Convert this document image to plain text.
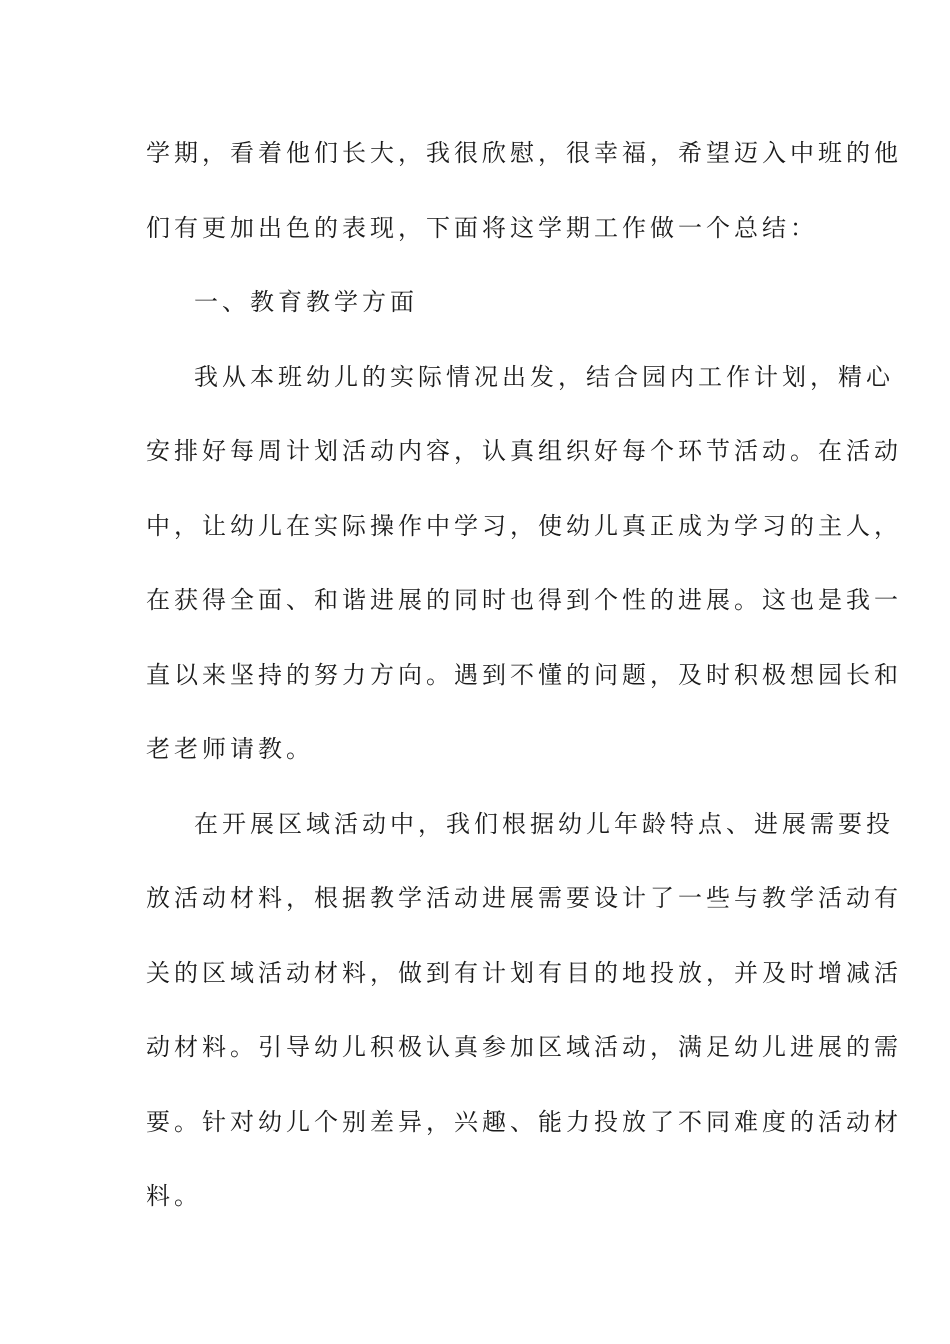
学期，看着他们长大，我很欣慰，很幸福，希望迈入中班的他
们有更加出色的表现，下面将这学期工作做一个总结：
一、教育教学方面
我从本班幼儿的实际情况出发，结合园内工作计划，精心
安排好每周计划活动内容，认真组织好每个环节活动。在活动
中，让幼儿在实际操作中学习，使幼儿真正成为学习的主人，
在获得全面、和谐进展的同时也得到个性的进展。这也是我一
直以来坚持的努力方向。遇到不懂的问题，及时积极想园长和
老老师请教。
在开展区域活动中，我们根据幼儿年龄特点、进展需要投
放活动材料，根据教学活动进展需要设计了一些与教学活动有
关的区域活动材料，做到有计划有目的地投放，并及时增减活
动材料。引导幼儿积极认真参加区域活动，满足幼儿进展的需
要。针对幼儿个别差异，兴趣、能力投放了不同难度的活动材
料。
